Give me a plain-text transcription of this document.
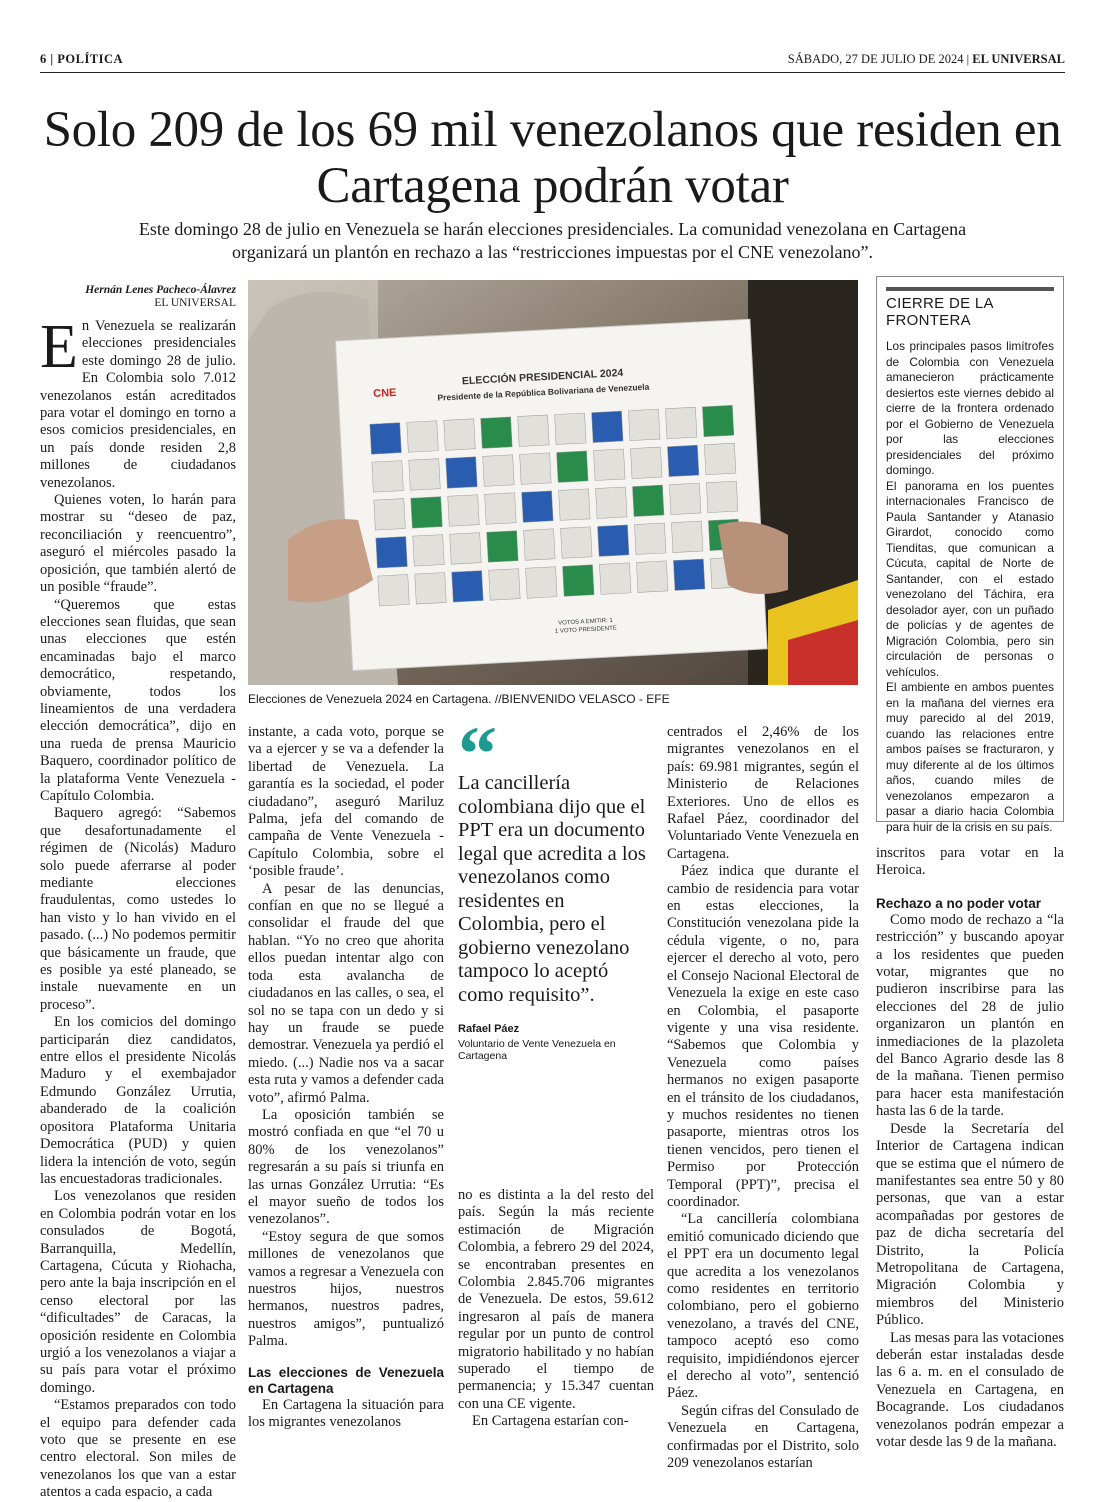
6 | POLÍTICA	SÁBADO, 27 DE JULIO DE 2024 | EL UNIVERSAL
Solo 209 de los 69 mil venezolanos que residen en Cartagena podrán votar

Este domingo 28 de julio en Venezuela se harán elecciones presidenciales. La comunidad venezolana en Cartagena organizará un plantón en rechazo a las “restricciones impuestas por el CNE venezolano”.

Hernán Lenes Pacheco-Álavrez
EL UNIVERSAL

En Venezuela se realizarán elecciones presidenciales este domingo 28 de julio. En Colombia solo 7.012 venezolanos están acreditados para votar el domingo en torno a esos comicios presidenciales, en un país donde residen 2,8 millones de ciudadanos venezolanos.

Quienes voten, lo harán para mostrar su “deseo de paz, reconciliación y reencuentro”, aseguró el miércoles pasado la oposición, que también alertó de un posible “fraude”.

“Queremos que estas elecciones sean fluidas, que sean unas elecciones que estén encaminadas bajo el marco democrático, respetando, obviamente, todos los lineamientos de una verdadera elección democrática”, dijo en una rueda de prensa Mauricio Baquero, coordinador político de la plataforma Vente Venezuela - Capítulo Colombia.

Baquero agregó: “Sabemos que desafortunadamente el régimen de (Nicolás) Maduro solo puede aferrarse al poder mediante elecciones fraudulentas, como ustedes lo han visto y lo han vivido en el pasado. (...) No podemos permitir que básicamente un fraude, que es posible ya esté planeado, se instale nuevamente en un proceso”.

En los comicios del domingo participarán diez candidatos, entre ellos el presidente Nicolás Maduro y el exembajador Edmundo González Urrutia, abanderado de la coalición opositora Plataforma Unitaria Democrática (PUD) y quien lidera la intención de voto, según las encuestadoras tradicionales.

Los venezolanos que residen en Colombia podrán votar en los consulados de Bogotá, Barranquilla, Medellín, Cartagena, Cúcuta y Riohacha, pero ante la baja inscripción en el censo electoral por las “dificultades” de Caracas, la oposición residente en Colombia urgió a los venezolanos a viajar a su país para votar el próximo domingo.

“Estamos preparados con todo el equipo para defender cada voto que se presente en ese centro electoral. Son miles de venezolanos los que van a estar atentos a cada espacio, a cada

CNE
ELECCIÓN PRESIDENCIAL 2024
Presidente de la República Bolivariana de Venezuela
VOTOS A EMITIR: 1
1 VOTO PRESIDENTE
Elecciones de Venezuela 2024 en Cartagena. //BIENVENIDO VELASCO - EFE

instante, a cada voto, porque se va a ejercer y se va a defender la libertad de Venezuela. La garantía es la sociedad, el poder ciudadano”, aseguró Mariluz Palma, jefa del comando de campaña de Vente Venezuela - Capítulo Colombia, sobre el ‘posible fraude’.

A pesar de las denuncias, confían en que no se llegué a consolidar el fraude del que hablan. “Yo no creo que ahorita ellos puedan intentar algo con toda esta avalancha de ciudadanos en las calles, o sea, el sol no se tapa con un dedo y si hay un fraude se puede demostrar. Venezuela ya perdió el miedo. (...) Nadie nos va a sacar esta ruta y vamos a defender cada voto”, afirmó Palma.

La oposición también se mostró confiada en que “el 70 u 80% de los venezolanos” regresarán a su país si triunfa en las urnas González Urrutia: “Es el mayor sueño de todos los venezolanos”.

“Estoy segura de que somos millones de venezolanos que vamos a regresar a Venezuela con nuestros hijos, nuestros hermanos, nuestros padres, nuestros amigos”, puntualizó Palma.

Las elecciones de Venezuela en Cartagena

En Cartagena la situación para los migrantes venezolanos

La cancillería colombiana dijo que el PPT era un documento legal que acredita a los venezolanos como residentes en Colombia, pero el gobierno venezolano tampoco lo aceptó como requisito”.
Rafael Páez
Voluntario de Vente Venezuela en Cartagena

no es distinta a la del resto del país. Según la más reciente estimación de Migración Colombia, a febrero 29 del 2024, se encontraban presentes en Colombia 2.845.706 migrantes de Venezuela. De estos, 59.612 ingresaron al país de manera regular por un punto de control migratorio habilitado y no habían superado el tiempo de permanencia; y 15.347 cuentan con una CE vigente.

En Cartagena estarían con-

centrados el 2,46% de los migrantes venezolanos en el país: 69.981 migrantes, según el Ministerio de Relaciones Exteriores. Uno de ellos es Rafael Páez, coordinador del Voluntariado Vente Venezuela en Cartagena.

Páez indica que durante el cambio de residencia para votar en estas elecciones, la Constitución venezolana pide la cédula vigente, o no, para ejercer el derecho al voto, pero el Consejo Nacional Electoral de Venezuela la exige en este caso en Colombia, el pasaporte vigente y una visa residente. “Sabemos que Colombia y Venezuela como países hermanos no exigen pasaporte en el tránsito de los ciudadanos, y muchos residentes no tienen pasaporte, mientras otros los tienen vencidos, pero tienen el Permiso por Protección Temporal (PPT)”, precisa el coordinador.

“La cancillería colombiana emitió comunicado diciendo que el PPT era un documento legal que acredita a los venezolanos como residentes en territorio colombiano, pero el gobierno venezolano, a través del CNE, tampoco aceptó eso como requisito, impidiéndonos ejercer el derecho al voto”, sentenció Páez.

Según cifras del Consulado de Venezuela en Cartagena, confirmadas por el Distrito, solo 209 venezolanos estarían

CIERRE DE LA FRONTERA

Los principales pasos limítrofes de Colombia con Venezuela amanecieron prácticamente desiertos este viernes debido al cierre de la frontera ordenado por el Gobierno de Venezuela por las elecciones presidenciales del próximo domingo.

El panorama en los puentes internacionales Francisco de Paula Santander y Atanasio Girardot, conocido como Tienditas, que comunican a Cúcuta, capital de Norte de Santander, con el estado venezolano del Táchira, era desolador ayer, con un puñado de policías y de agentes de Migración Colombia, pero sin circulación de personas o vehículos.

El ambiente en ambos puentes en la mañana del viernes era muy parecido al del 2019, cuando las relaciones entre ambos países se fracturaron, y muy diferente al de los últimos años, cuando miles de venezolanos empezaron a pasar a diario hacia Colombia para huir de la crisis en su país.

inscritos para votar en la Heroica.

Rechazo a no poder votar

Como modo de rechazo a “la restricción” y buscando apoyar a los residentes que pueden votar, migrantes que no pudieron inscribirse para las elecciones del 28 de julio organizaron un plantón en inmediaciones de la plazoleta del Banco Agrario desde las 8 de la mañana. Tienen permiso para hacer esta manifestación hasta las 6 de la tarde.

Desde la Secretaría del Interior de Cartagena indican que se estima que el número de manifestantes sea entre 50 y 80 personas, que van a estar acompañadas por gestores de paz de dicha secretaría del Distrito, la Policía Metropolitana de Cartagena, Migración Colombia y miembros del Ministerio Público.

Las mesas para las votaciones deberán estar instaladas desde las 6 a. m. en el consulado de Venezuela en Cartagena, en Bocagrande. Los ciudadanos venezolanos podrán empezar a votar desde las 9 de la mañana.
